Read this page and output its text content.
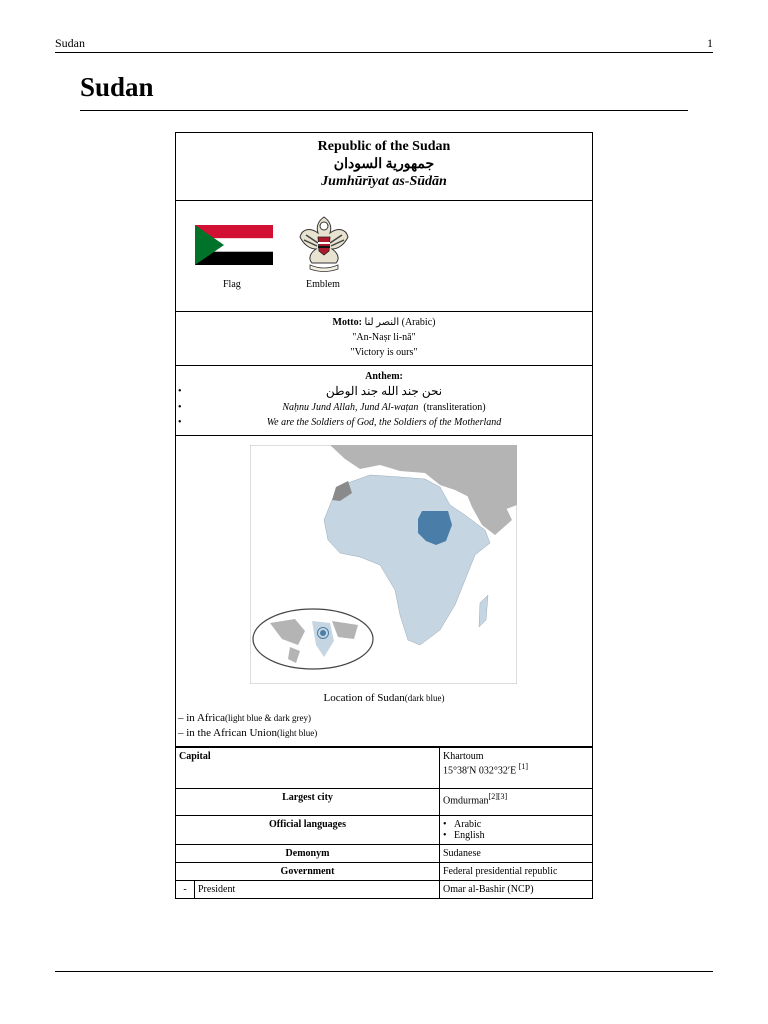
Sudan	1
Sudan
Republic of the Sudan
جمهورية السودان
Jumhūrīyat as-Sūdān
Flag	Emblem
Motto: النصر لنا (Arabic)
"An-Naṣr li-nā"
"Victory is ours"
Anthem:
•	نحن جند الله جند الوطن
•	Naḥnu Jund Allah, Jund Al-waṭan (transliteration)
•	We are the Soldiers of God, the Soldiers of the Motherland
Location of Sudan(dark blue)
– in Africa(light blue & dark grey)
– in the African Union(light blue)
Capital		Khartoum
15°38′N 032°32′E [1]

Largest city		Omdurman[2][3]
Official languages		•   Arabic
•   English

Demonym		Sudanese
Government		Federal presidential republic
-	President	Omar al-Bashir (NCP)
